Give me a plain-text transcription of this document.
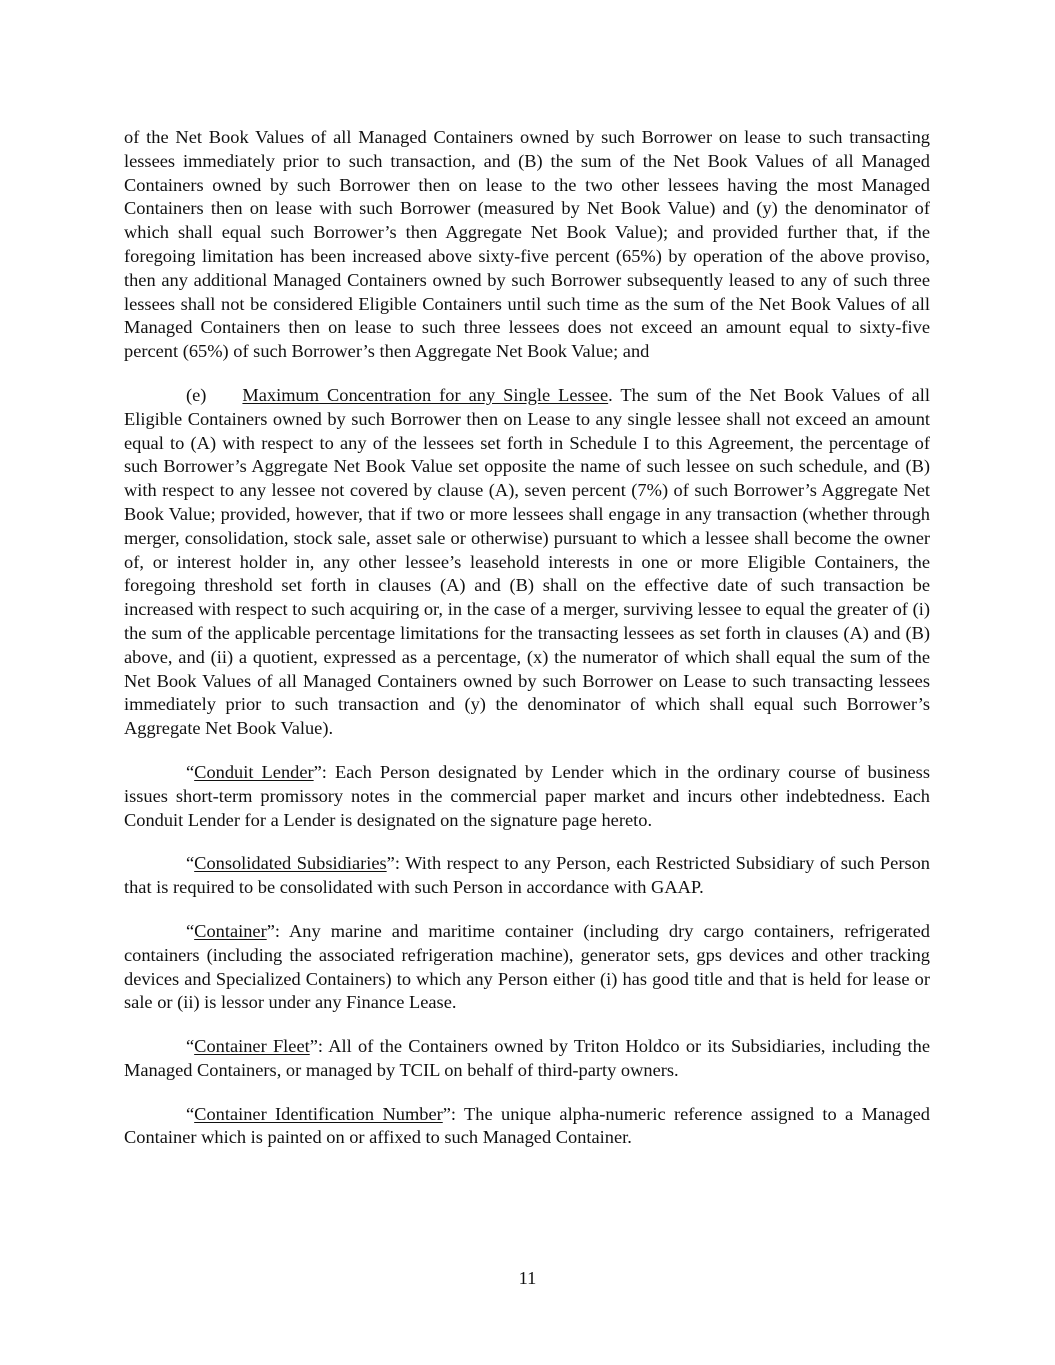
of the Net Book Values of all Managed Containers owned by such Borrower on lease to such transacting lessees immediately prior to such transaction, and (B) the sum of the Net Book Values of all Managed Containers owned by such Borrower then on lease to the two other lessees having the most Managed Containers then on lease with such Borrower (measured by Net Book Value) and (y) the denominator of which shall equal such Borrower’s then Aggregate Net Book Value); and provided further that, if the foregoing limitation has been increased above sixty-five percent (65%) by operation of the above proviso, then any additional Managed Containers owned by such Borrower subsequently leased to any of such three lessees shall not be considered Eligible Containers until such time as the sum of the Net Book Values of all Managed Containers then on lease to such three lessees does not exceed an amount equal to sixty-five percent (65%) of such Borrower’s then Aggregate Net Book Value; and

(e) Maximum Concentration for any Single Lessee. The sum of the Net Book Values of all Eligible Containers owned by such Borrower then on Lease to any single lessee shall not exceed an amount equal to (A) with respect to any of the lessees set forth in Schedule I to this Agreement, the percentage of such Borrower’s Aggregate Net Book Value set opposite the name of such lessee on such schedule, and (B) with respect to any lessee not covered by clause (A), seven percent (7%) of such Borrower’s Aggregate Net Book Value; provided, however, that if two or more lessees shall engage in any transaction (whether through merger, consolidation, stock sale, asset sale or otherwise) pursuant to which a lessee shall become the owner of, or interest holder in, any other lessee’s leasehold interests in one or more Eligible Containers, the foregoing threshold set forth in clauses (A) and (B) shall on the effective date of such transaction be increased with respect to such acquiring or, in the case of a merger, surviving lessee to equal the greater of (i) the sum of the applicable percentage limitations for the transacting lessees as set forth in clauses (A) and (B) above, and (ii) a quotient, expressed as a percentage, (x) the numerator of which shall equal the sum of the Net Book Values of all Managed Containers owned by such Borrower on Lease to such transacting lessees immediately prior to such transaction and (y) the denominator of which shall equal such Borrower’s Aggregate Net Book Value).

“Conduit Lender”: Each Person designated by Lender which in the ordinary course of business issues short-term promissory notes in the commercial paper market and incurs other indebtedness. Each Conduit Lender for a Lender is designated on the signature page hereto.

“Consolidated Subsidiaries”: With respect to any Person, each Restricted Subsidiary of such Person that is required to be consolidated with such Person in accordance with GAAP.

“Container”: Any marine and maritime container (including dry cargo containers, refrigerated containers (including the associated refrigeration machine), generator sets, gps devices and other tracking devices and Specialized Containers) to which any Person either (i) has good title and that is held for lease or sale or (ii) is lessor under any Finance Lease.

“Container Fleet”: All of the Containers owned by Triton Holdco or its Subsidiaries, including the Managed Containers, or managed by TCIL on behalf of third-party owners.

“Container Identification Number”: The unique alpha-numeric reference assigned to a Managed Container which is painted on or affixed to such Managed Container.

11
